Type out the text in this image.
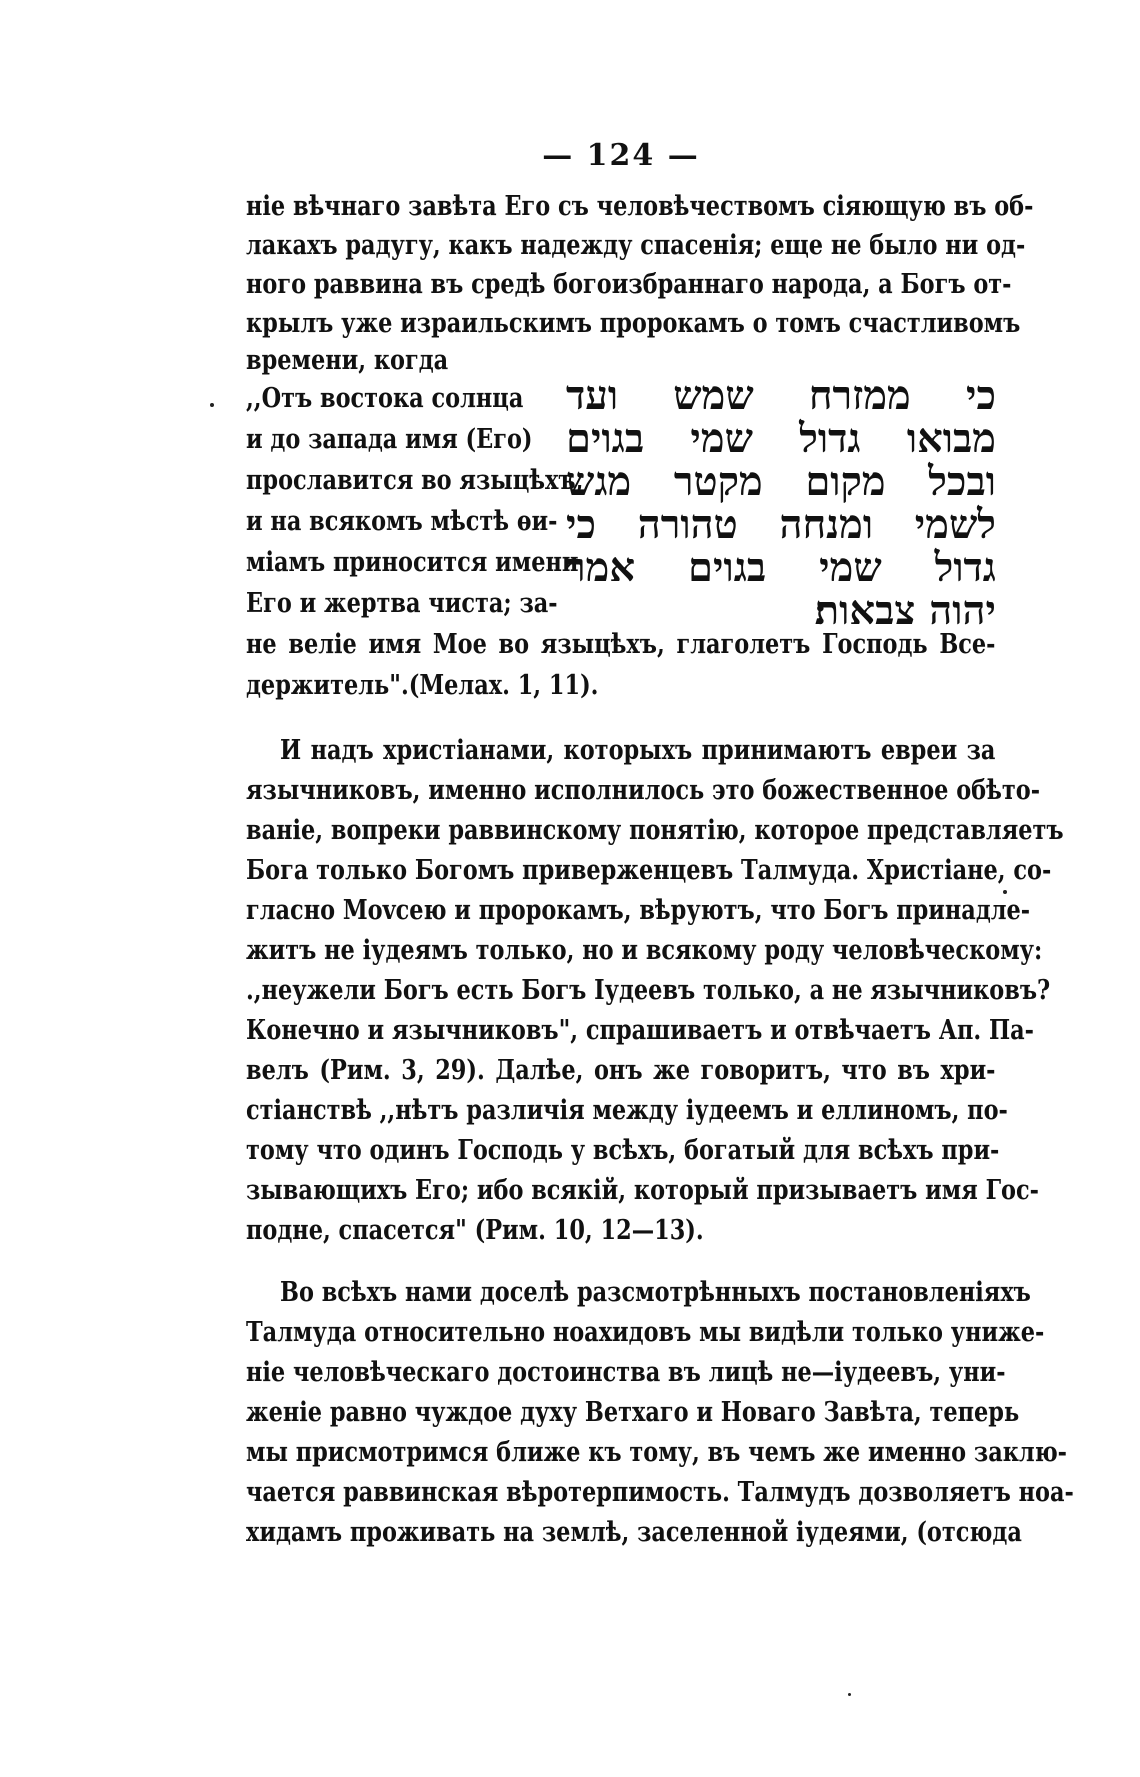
— 124 —
ніе вѣчнаго завѣта Его съ человѣчествомъ сіяющую въ об-
лакахъ радугу, какъ надежду спасенія; еще не было ни од-
ного раввина въ средѣ богоизбраннаго народа, а Богъ от-
крылъ уже израильскимъ пророкамъ о томъ счастливомъ
времени, когда
,,Отъ востока солнца
и до запада имя (Его)
прославится во языцѣхъ,
и на всякомъ мѣстѣ ѳи-
міамъ приносится имени
Его и жертва чиста; за-
כי ממזרח שמש ועד
מבואו גדול שמי בגוים
ובכל מקום מקטר מגש
לשמי ומנחה טהורה כי
גדול שמי בגוים אמר
יהוה צבאות׃
не велiе имя Мое во языцѣхъ, глаголетъ Господь Все-
держитель".(Мелах. 1, 11).
И надъ христiанами, которыхъ принимаютъ евреи за
язычниковъ, именно исполнилось это божественное обѣто-
ванiе, вопреки раввинскому понятiю, которое представляетъ
Бога только Богомъ приверженцевъ Талмуда. Христiане, со-
гласно Моvсею и пророкамъ, вѣруютъ, что Богъ принадле-
житъ не iудеямъ только, но и всякому роду человѣческому:
.,неужели Богъ есть Богъ Iудеевъ только, а не язычниковъ?
Конечно и язычниковъ", спрашиваетъ и отвѣчаетъ Ап. Па-
велъ (Рим. 3, 29). Далѣе, онъ же говоритъ, что въ хри-
стiанствѣ ,,нѣтъ различiя между iудеемъ и еллиномъ, по-
тому что одинъ Господь у всѣхъ, богатый для всѣхъ при-
зывающихъ Его; ибо всякiй, который призываетъ имя Гос-
подне, спасется" (Рим. 10, 12—13).
Во всѣхъ нами доселѣ разсмотрѣнныхъ постановленiяхъ
Талмуда относительно ноахидовъ мы видѣли только униже-
нiе человѣческаго достоинства въ лицѣ не—iудеевъ, уни-
женiе равно чуждое духу Ветхаго и Новаго Завѣта, теперь
мы присмотримся ближе къ тому, въ чемъ же именно заклю-
чается раввинская вѣротерпимость. Талмудъ дозволяетъ ноа-
хидамъ проживать на землѣ, заселенной iудеями, (отсюда
